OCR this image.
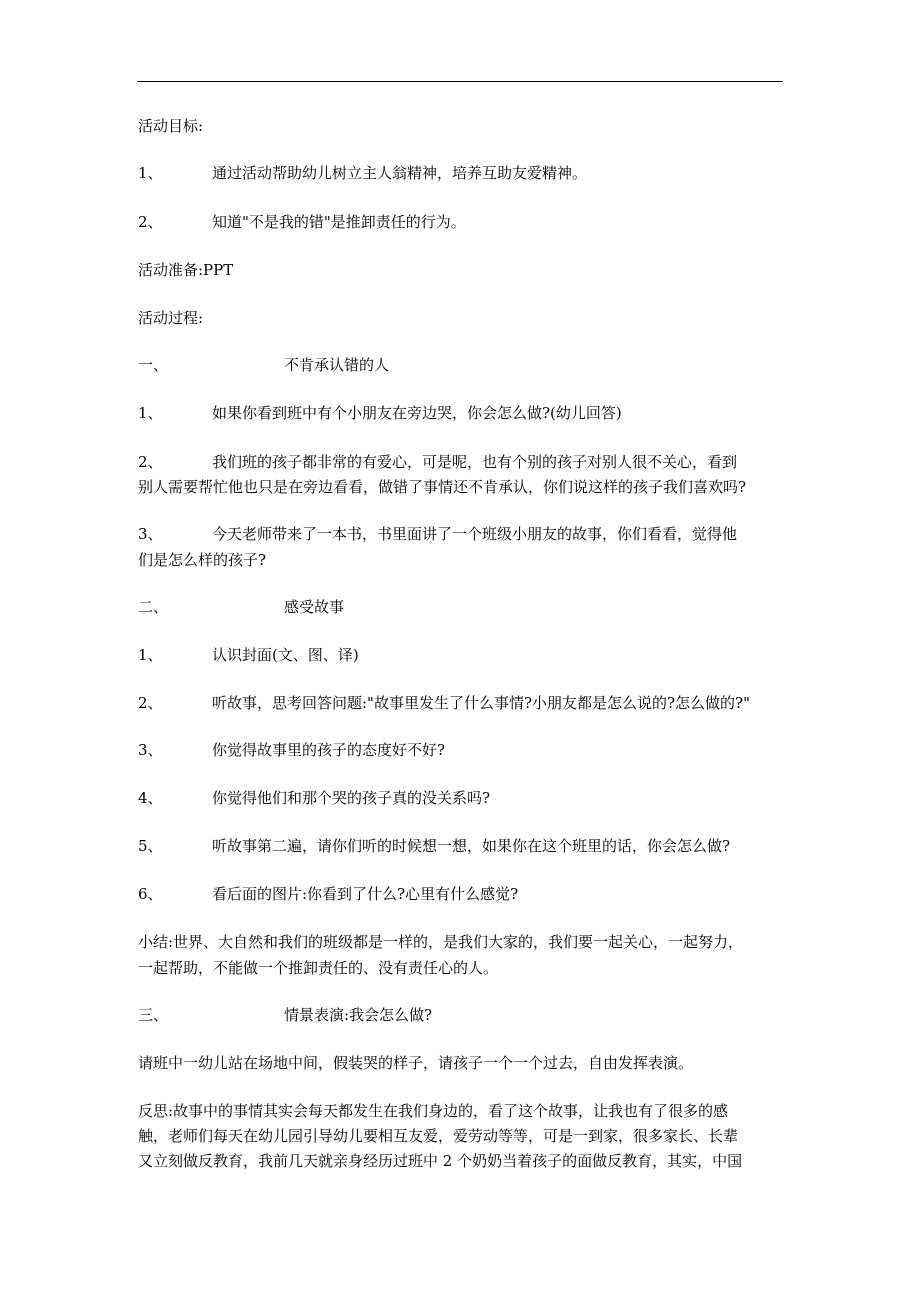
活动目标:
1、	通过活动帮助幼儿树立主人翁精神，培养互助友爱精神。
2、	知道"不是我的错"是推卸责任的行为。
活动准备:PPT
活动过程:
一、	不肯承认错的人
1、	如果你看到班中有个小朋友在旁边哭，你会怎么做?(幼儿回答)
2、	我们班的孩子都非常的有爱心，可是呢，也有个别的孩子对别人很不关心，看到
别人需要帮忙他也只是在旁边看看，做错了事情还不肯承认，你们说这样的孩子我们喜欢吗?
3、	今天老师带来了一本书，书里面讲了一个班级小朋友的故事，你们看看，觉得他
们是怎么样的孩子?
二、	感受故事
1、	认识封面(文、图、译)
2、	听故事，思考回答问题:"故事里发生了什么事情?小朋友都是怎么说的?怎么做的?"
3、	你觉得故事里的孩子的态度好不好?
4、	你觉得他们和那个哭的孩子真的没关系吗?
5、	听故事第二遍，请你们听的时候想一想，如果你在这个班里的话，你会怎么做?
6、	看后面的图片:你看到了什么?心里有什么感觉?
小结:世界、大自然和我们的班级都是一样的，是我们大家的，我们要一起关心，一起努力，
一起帮助，不能做一个推卸责任的、没有责任心的人。
三、	情景表演:我会怎么做?
请班中一幼儿站在场地中间，假装哭的样子，请孩子一个一个过去，自由发挥表演。
反思:故事中的事情其实会每天都发生在我们身边的，看了这个故事，让我也有了很多的感
触，老师们每天在幼儿园引导幼儿要相互友爱，爱劳动等等，可是一到家，很多家长、长辈
又立刻做反教育，我前几天就亲身经历过班中 2 个奶奶当着孩子的面做反教育，其实，中国
